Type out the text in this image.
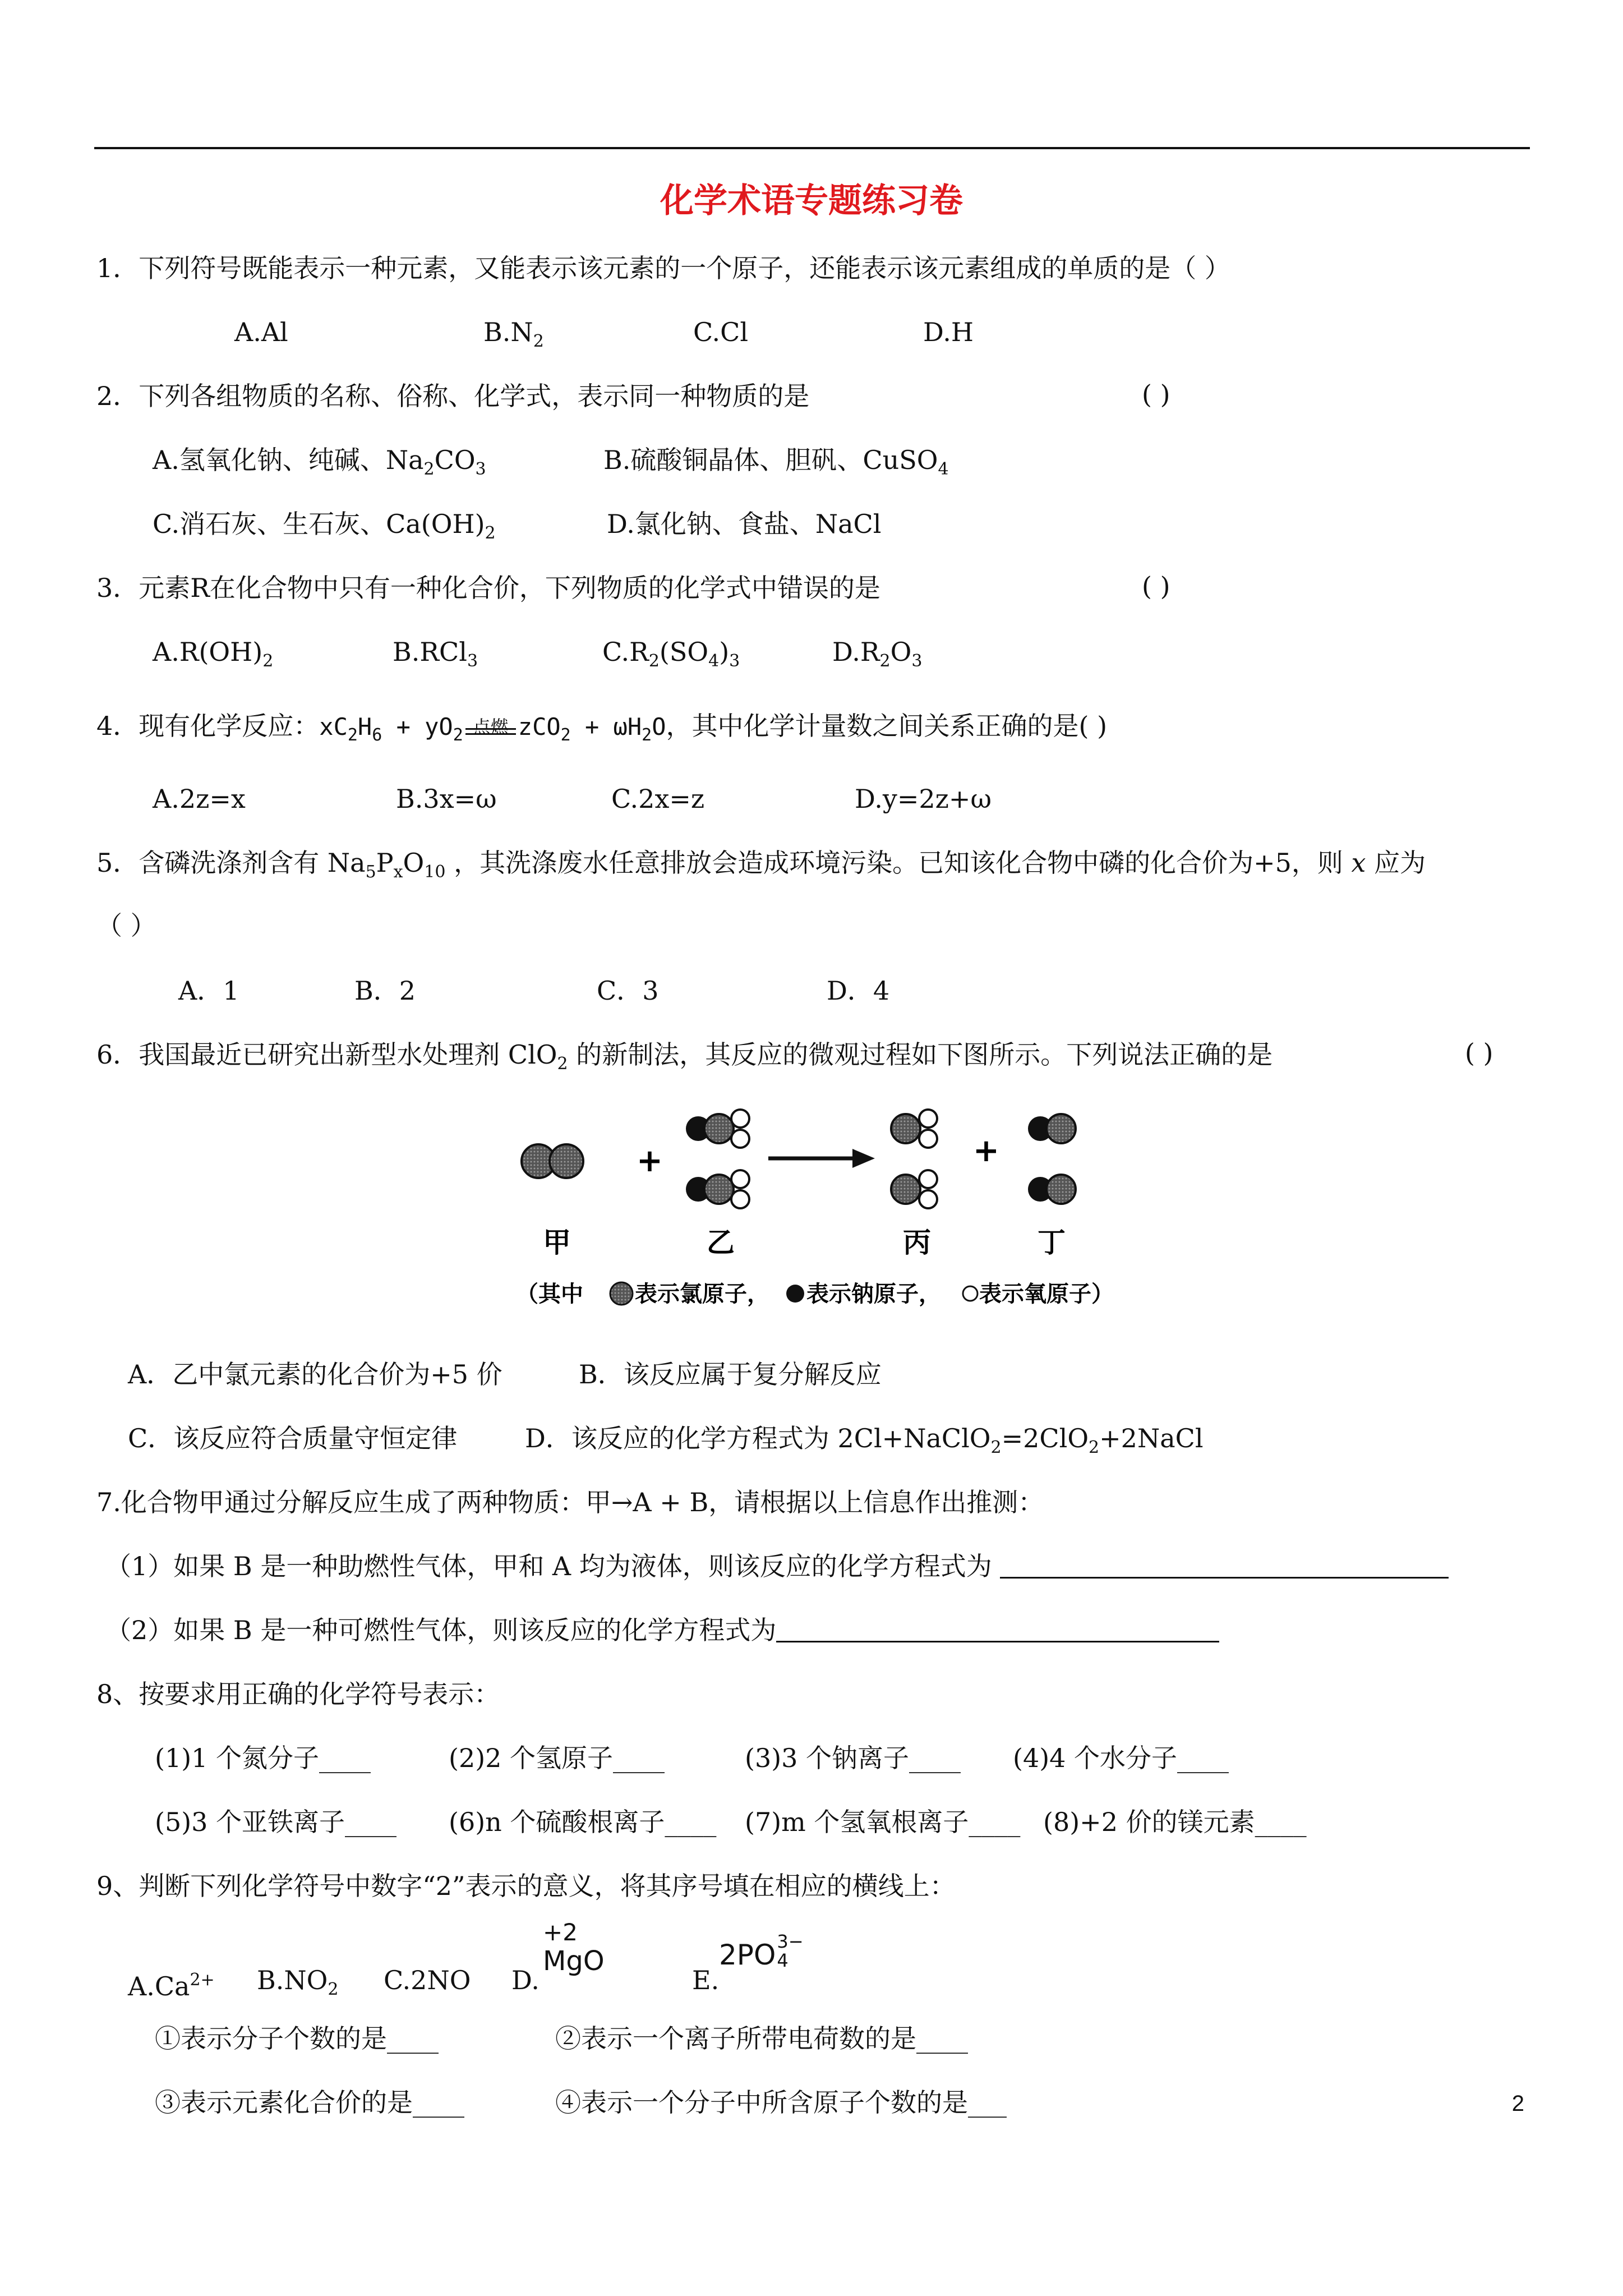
化学术语专题练习卷
1．下列符号既能表示一种元素，又能表示该元素的一个原子，还能表示该元素组成的单质的是（ ）
A.Al	$B.N_2$	C.Cl	D.H
2．下列各组物质的名称、俗称、化学式，表示同一种物质的是	( )
A.氢氧化钠、纯碱、$Na_2CO_3$	B.硫酸铜晶体、胆矾、CuSO$_4$
C.消石灰、生石灰、$Ca(OH)_2$	D.氯化钠、食盐、NaCl
3．元素R在化合物中只有一种化合价，下列物质的化学式中错误的是	( )
$A.R(OH)_2$	B.RCl$_3$	$C.R_2(SO_4)_3$	$D.R_2O_3$
4．现有化学反应：$xC_2H_6 + yO_2$ 点燃 $zCO_2 + \omega H_2O$，其中化学计量数之间关系正确的是( )
A.2z=x	B.3x=ω	C.2x=z	D.y=2z+ω
5．含磷洗涤剂含有 $Na_5P_xO_{10}$ ，其洗涤废水任意排放会造成环境污染。已知该化合物中磷的化合价为+5，则 x 应为
（ ）
A．1	B．2	C．3	D．4
6．我国最近已研究出新型水处理剂 ClO$_2$ 的新制法，其反应的微观过程如下图所示。下列说法正确的是	( )
+	+
甲	乙	丙	丁
（其中 表示氯原子， 表示钠原子， 表示氧原子）
A．乙中氯元素的化合价为+5 价	B．该反应属于复分解反应
C．该反应符合质量守恒定律	D．该反应的化学方程式为 2Cl+NaClO$_2$=2ClO$_2$+2NaCl
7.化合物甲通过分解反应生成了两种物质：甲→A + B，请根据以上信息作出推测：
（1）如果 B 是一种助燃性气体，甲和 A 均为液体，则该反应的化学方程式为
（2）如果 B 是一种可燃性气体，则该反应的化学方程式为
8、按要求用正确的化学符号表示：
(1)1 个氮分子____	(2)2 个氢原子____	(3)3 个钠离子____ (4)4 个水分子____
(5)3 个亚铁离子____ (6)n 个硫酸根离子____ (7)m 个氢氧根离子____ (8)+2 价的镁元素____
9、判断下列化学符号中数字“2”表示的意义，将其序号填在相应的横线上：
$A.Ca^{2+}$ $B.NO_2$ C.2NO D.
+2
MgO
E.
2PO 3−
4
①表示分子个数的是____	②表示一个离子所带电荷数的是____
③表示元素化合价的是____	④表示一个分子中所含原子个数的是___	2
